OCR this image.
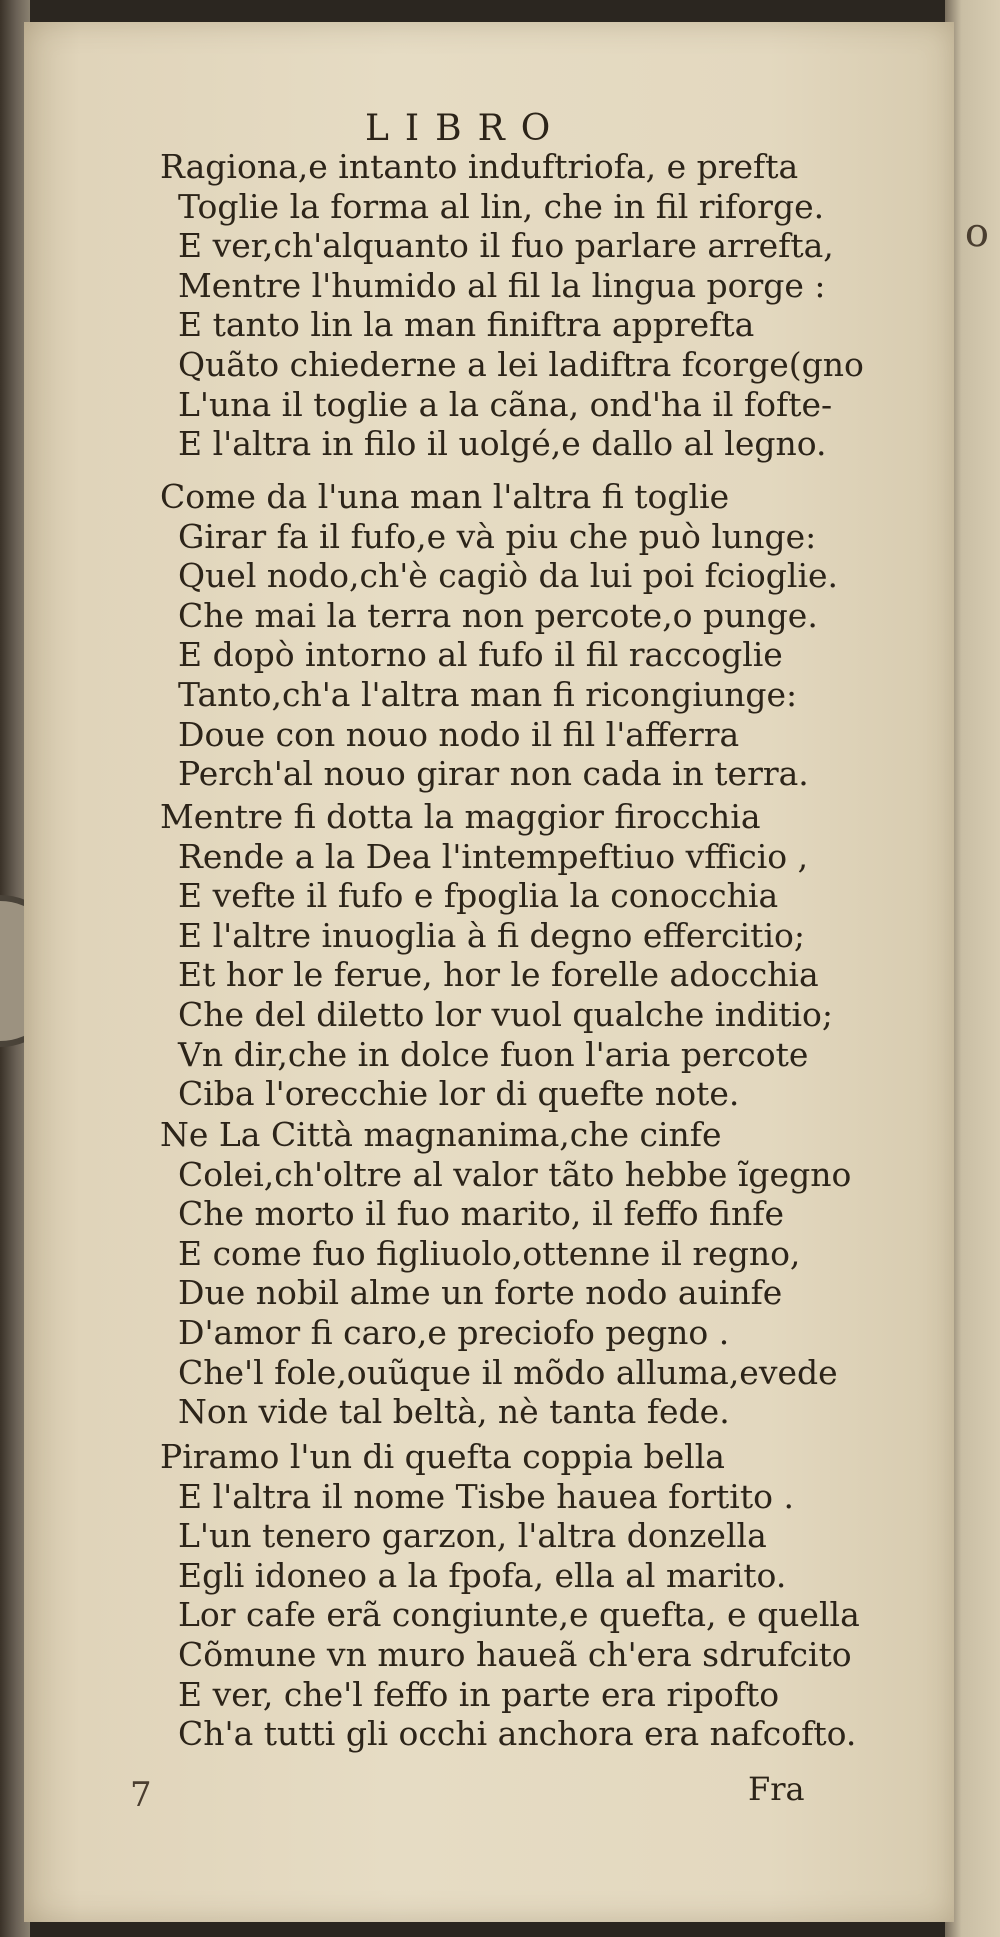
o
LIBRO
Fra
7
Ragiona,e intanto induftriofa, e prefta
Toglie la forma al lin, che in fil riforge.
E ver,ch'alquanto il fuo parlare arrefta,
Mentre l'humido al fil la lingua porge :
E tanto lin la man finiftra apprefta
Quãto chiederne a lei ladiftra fcorge(gno
L'una il toglie a la cãna, ond'ha il fofte-
E l'altra in filo il uolgé,e dallo al legno.
Come da l'una man l'altra fi toglie
Girar fa il fufo,e và piu che può lunge:
Quel nodo,ch'è cagiò da lui poi fcioglie.
Che mai la terra non percote,o punge.
E dopò intorno al fufo il fil raccoglie
Tanto,ch'a l'altra man fi ricongiunge:
Doue con nouo nodo il fil l'afferra
Perch'al nouo girar non cada in terra.
Mentre fi dotta la maggior firocchia
Rende a la Dea l'intempeftiuo vfficio ,
E vefte il fufo e fpoglia la conocchia
E l'altre inuoglia à fi degno effercitio;
Et hor le ferue, hor le forelle adocchia
Che del diletto lor vuol qualche inditio;
Vn dir,che in dolce fuon l'aria percote
Ciba l'orecchie lor di quefte note.
Ne La Città magnanima,che cinfe
Colei,ch'oltre al valor tãto hebbe ĩgegno
Che morto il fuo marito, il feffo finfe
E come fuo figliuolo,ottenne il regno,
Due nobil alme un forte nodo auinfe
D'amor fi caro,e preciofo pegno .
Che'l fole,ouũque il mõdo alluma,evede
Non vide tal beltà, nè tanta fede.
Piramo l'un di quefta coppia bella
E l'altra il nome Tisbe hauea fortito .
L'un tenero garzon, l'altra donzella
Egli idoneo a la fpofa, ella al marito.
Lor cafe erã congiunte,e quefta, e quella
Cõmune vn muro haueã ch'era sdrufcito
E ver, che'l feffo in parte era ripofto
Ch'a tutti gli occhi anchora era nafcofto.
